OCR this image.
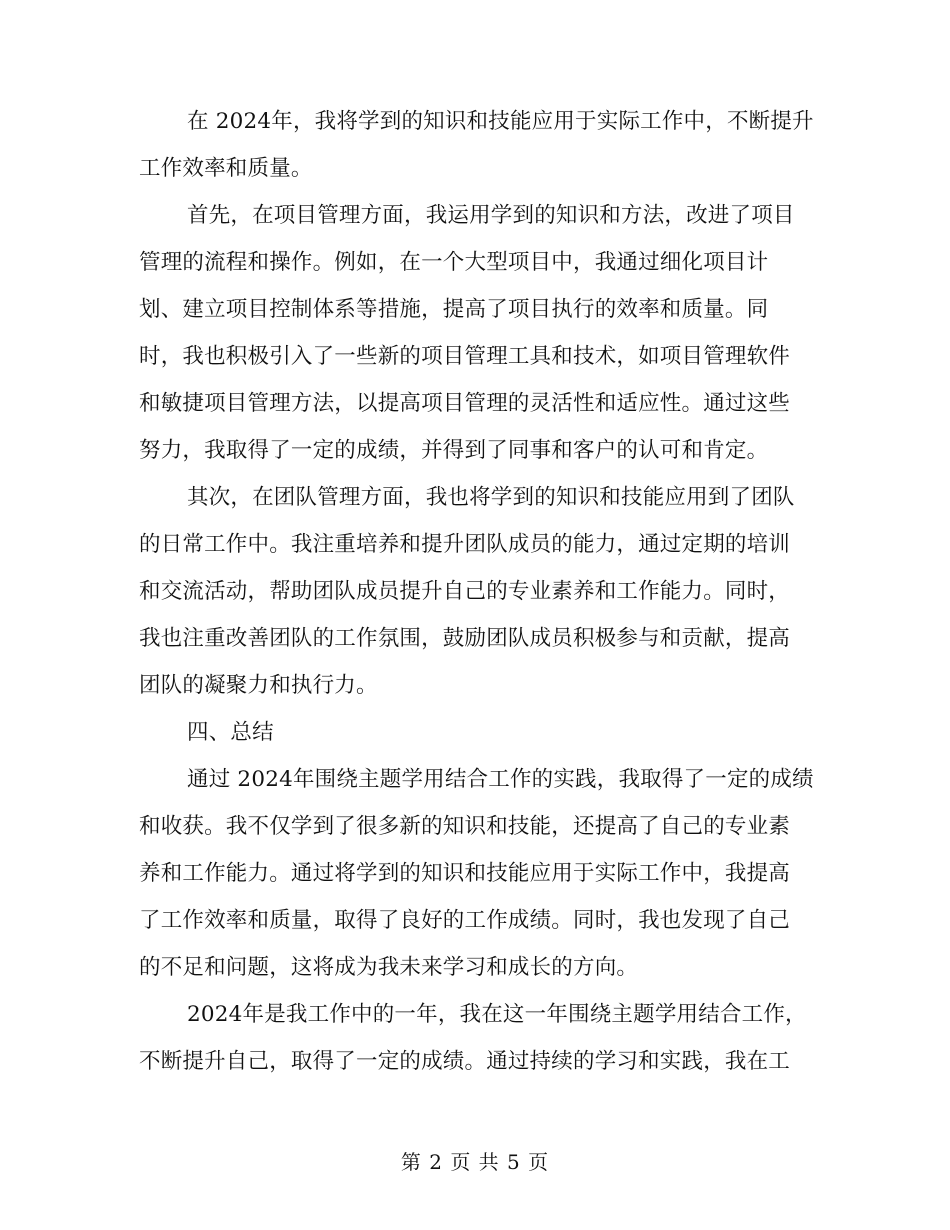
在 2024年，我将学到的知识和技能应用于实际工作中，不断提升
工作效率和质量。
首先，在项目管理方面，我运用学到的知识和方法，改进了项目
管理的流程和操作。例如，在一个大型项目中，我通过细化项目计
划、建立项目控制体系等措施，提高了项目执行的效率和质量。同
时，我也积极引入了一些新的项目管理工具和技术，如项目管理软件
和敏捷项目管理方法，以提高项目管理的灵活性和适应性。通过这些
努力，我取得了一定的成绩，并得到了同事和客户的认可和肯定。
其次，在团队管理方面，我也将学到的知识和技能应用到了团队
的日常工作中。我注重培养和提升团队成员的能力，通过定期的培训
和交流活动，帮助团队成员提升自己的专业素养和工作能力。同时，
我也注重改善团队的工作氛围，鼓励团队成员积极参与和贡献，提高
团队的凝聚力和执行力。
四、总结
通过 2024年围绕主题学用结合工作的实践，我取得了一定的成绩
和收获。我不仅学到了很多新的知识和技能，还提高了自己的专业素
养和工作能力。通过将学到的知识和技能应用于实际工作中，我提高
了工作效率和质量，取得了良好的工作成绩。同时，我也发现了自己
的不足和问题，这将成为我未来学习和成长的方向。
2024年是我工作中的一年，我在这一年围绕主题学用结合工作，
不断提升自己，取得了一定的成绩。通过持续的学习和实践，我在工
第 2 页 共 5 页
